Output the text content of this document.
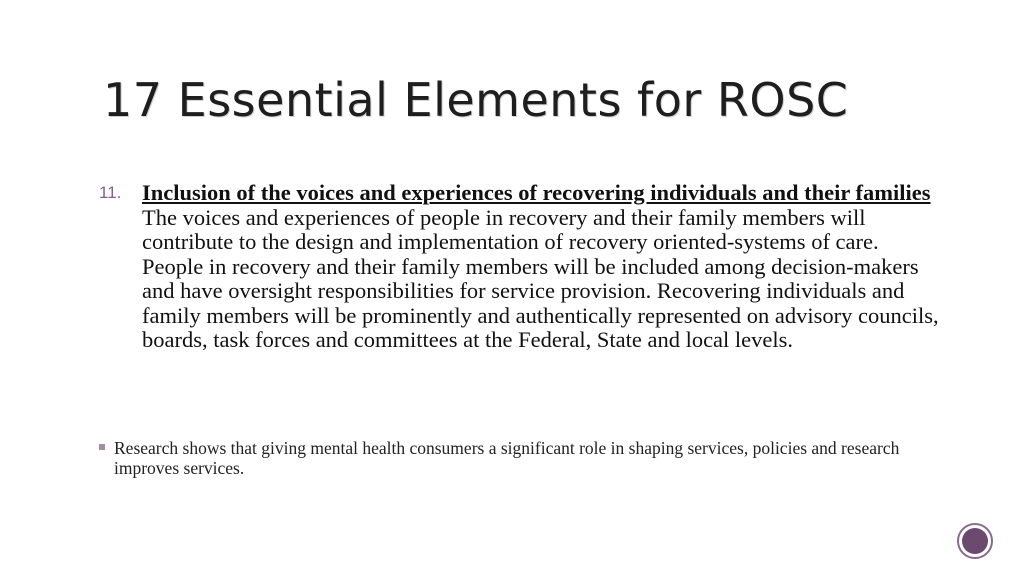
17 Essential Elements for ROSC
11. Inclusion of the voices and experiences of recovering individuals and their families The voices and experiences of people in recovery and their family members will contribute to the design and implementation of recovery oriented-systems of care. People in recovery and their family members will be included among decision-makers and have oversight responsibilities for service provision. Recovering individuals and family members will be prominently and authentically represented on advisory councils, boards, task forces and committees at the Federal, State and local levels.
Research shows that giving mental health consumers a significant role in shaping services, policies and research improves services.
